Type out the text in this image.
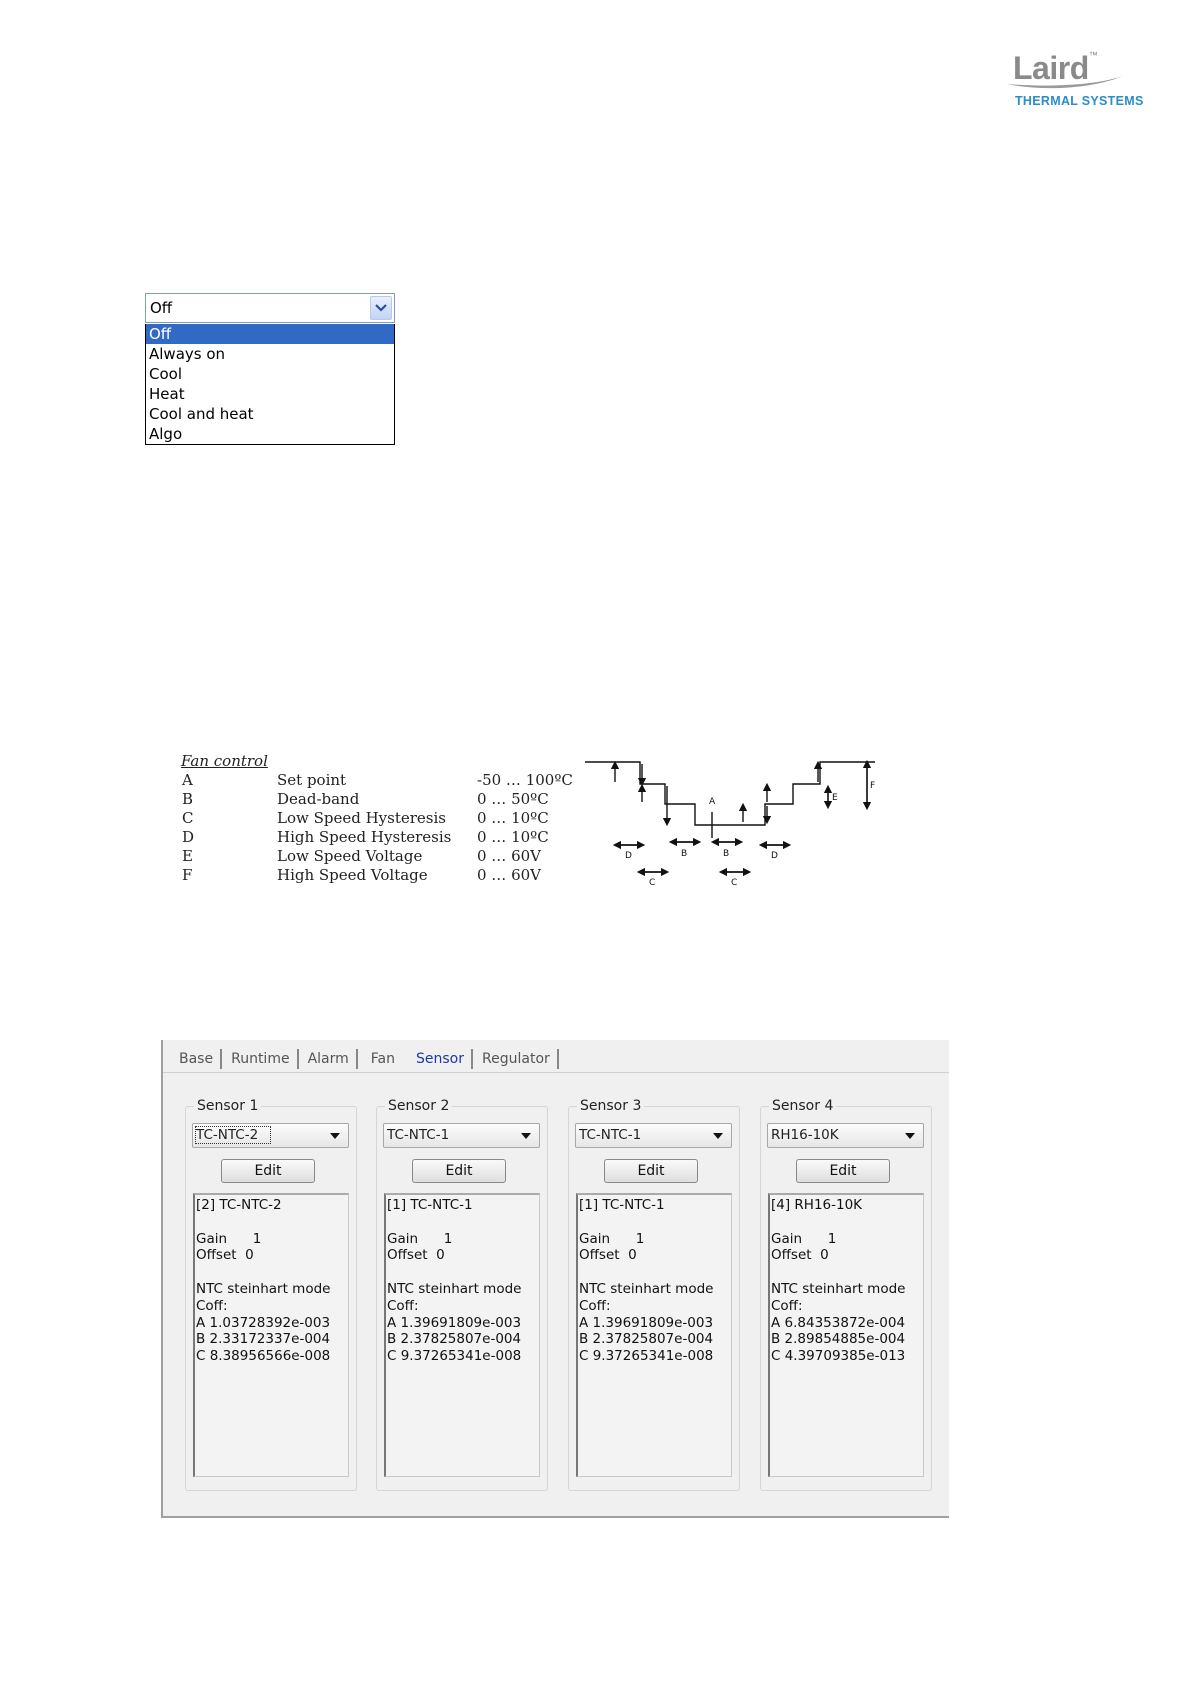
Laird™
THERMAL SYSTEMS
Off
Off
Always on
Cool
Heat
Cool and heat
Algo
Fan control
A	Set point	-50 … 100ºC
B	Dead-band	0 … 50ºC
C	Low Speed Hysteresis 0 … 10ºC
D	High Speed Hysteresis 0 … 10ºC
E	Low Speed Voltage	0 … 60V
F	High Speed Voltage	0 … 60V
A	E
F
D	B	B	D
C	C
Base	Runtime	Alarm	Fan	Sensor	Regulator
Sensor 1
TC-NTC-2
Edit
[2] TC-NTC-2
Gain      1
Offset  0
NTC steinhart mode
Coff:
A 1.03728392e-003
B 2.33172337e-004
C 8.38956566e-008
Sensor 2
TC-NTC-1
Edit
[1] TC-NTC-1
Gain      1
Offset  0
NTC steinhart mode
Coff:
A 1.39691809e-003
B 2.37825807e-004
C 9.37265341e-008
Sensor 3
TC-NTC-1
Edit
[1] TC-NTC-1
Gain      1
Offset  0
NTC steinhart mode
Coff:
A 1.39691809e-003
B 2.37825807e-004
C 9.37265341e-008
Sensor 4
RH16-10K
Edit
[4] RH16-10K
Gain      1
Offset  0
NTC steinhart mode
Coff:
A 6.84353872e-004
B 2.89854885e-004
C 4.39709385e-013
